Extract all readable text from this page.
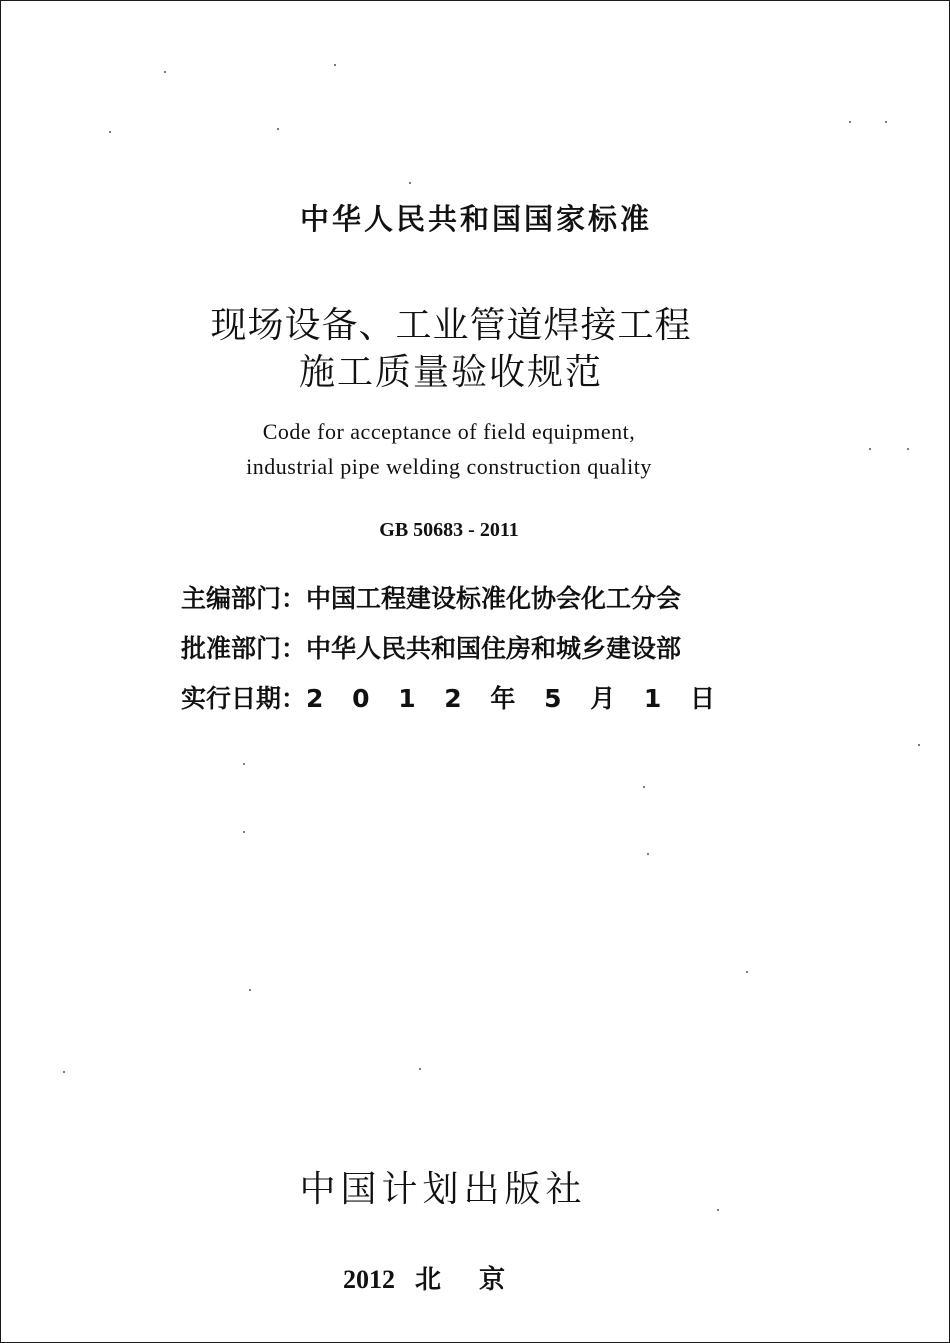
中华人民共和国国家标准

现场设备、工业管道焊接工程

施工质量验收规范

Code for acceptance of field equipment,

industrial pipe welding construction quality

GB 50683 - 2011

主编部门：中国工程建设标准化协会化工分会

批准部门：中华人民共和国住房和城乡建设部

实行日期：2 0 1 2 年 5 月 1 日

中国计划出版社

2012 北京
